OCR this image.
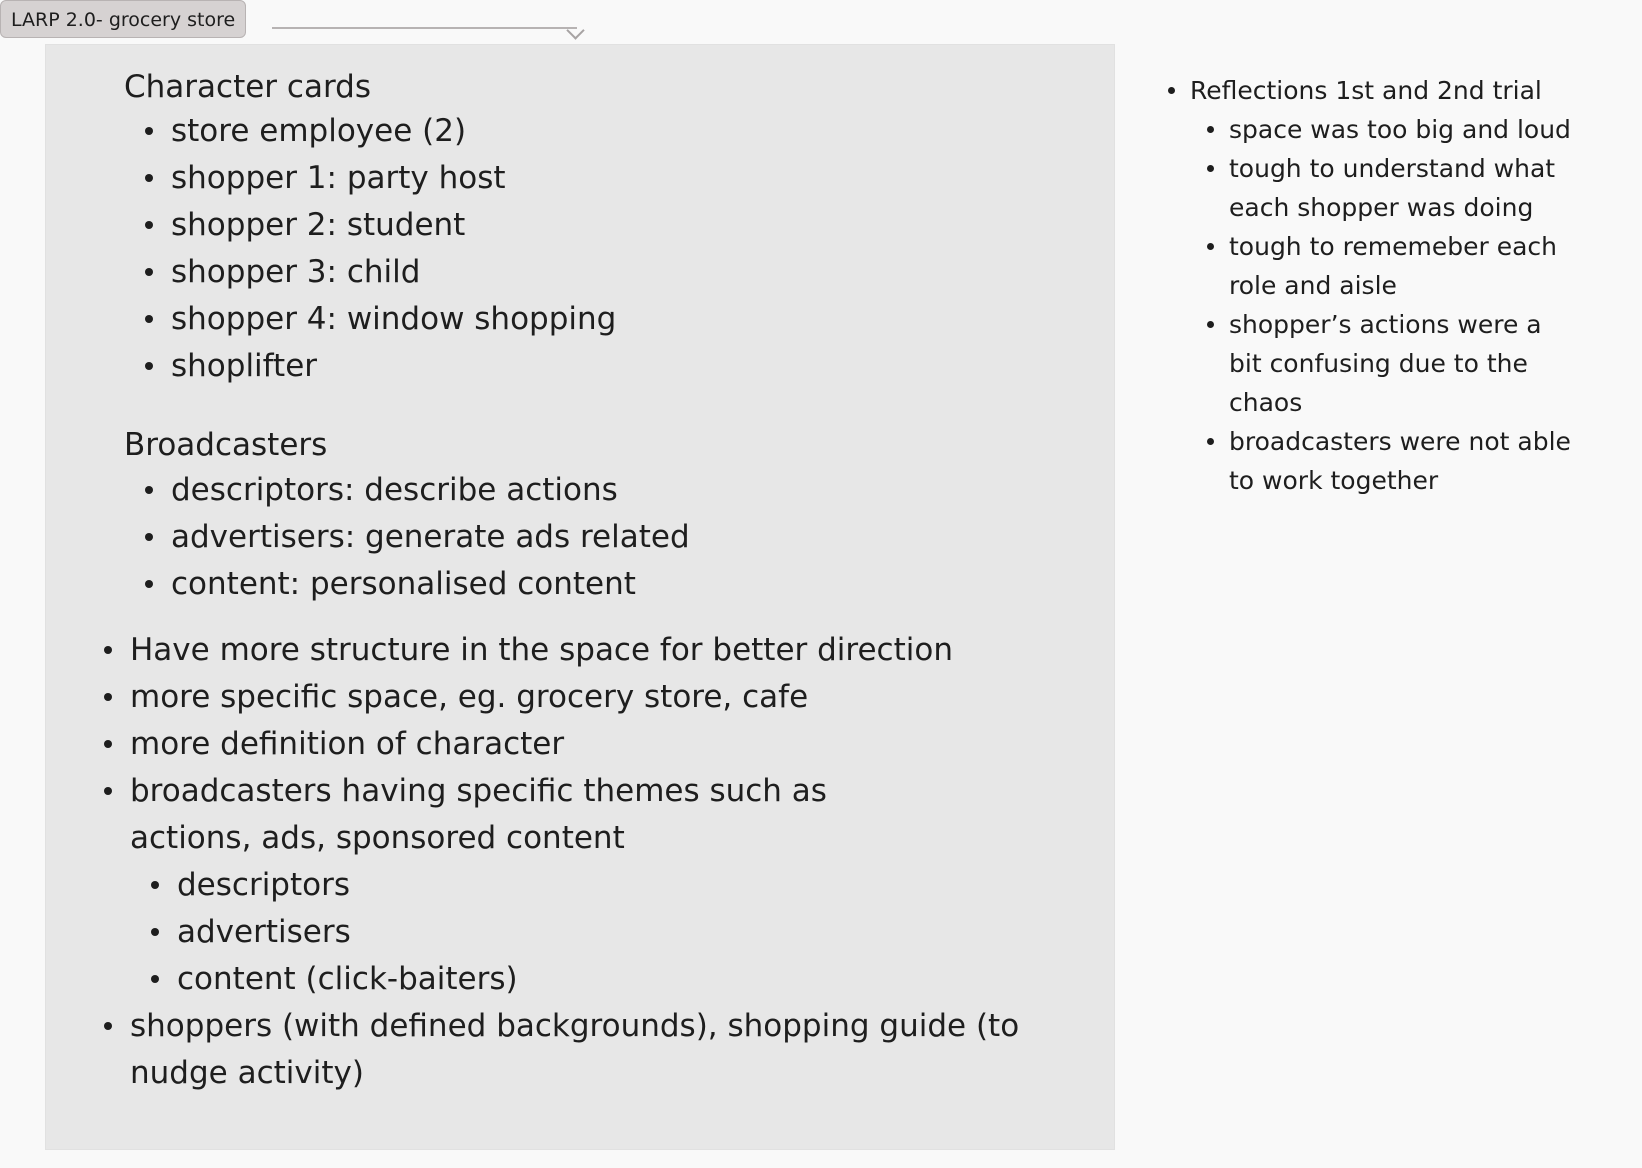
LARP 2.0- grocery store
Character cards
store employee (2)
shopper 1: party host
shopper 2: student
shopper 3: child
shopper 4: window shopping
shoplifter
Broadcasters
descriptors: describe actions
advertisers: generate ads related
content: personalised content
Have more structure in the space for better direction
more specific space, eg. grocery store, cafe
more definition of character
broadcasters having specific themes such as actions, ads, sponsored content
descriptors
advertisers
content (click-baiters)
shoppers (with defined backgrounds), shopping guide (to nudge activity)
Reflections 1st and 2nd trial
space was too big and loud
tough to understand what each shopper was doing
tough to rememeber each role and aisle
shopper’s actions were a bit confusing due to the chaos
broadcasters were not able to work together
